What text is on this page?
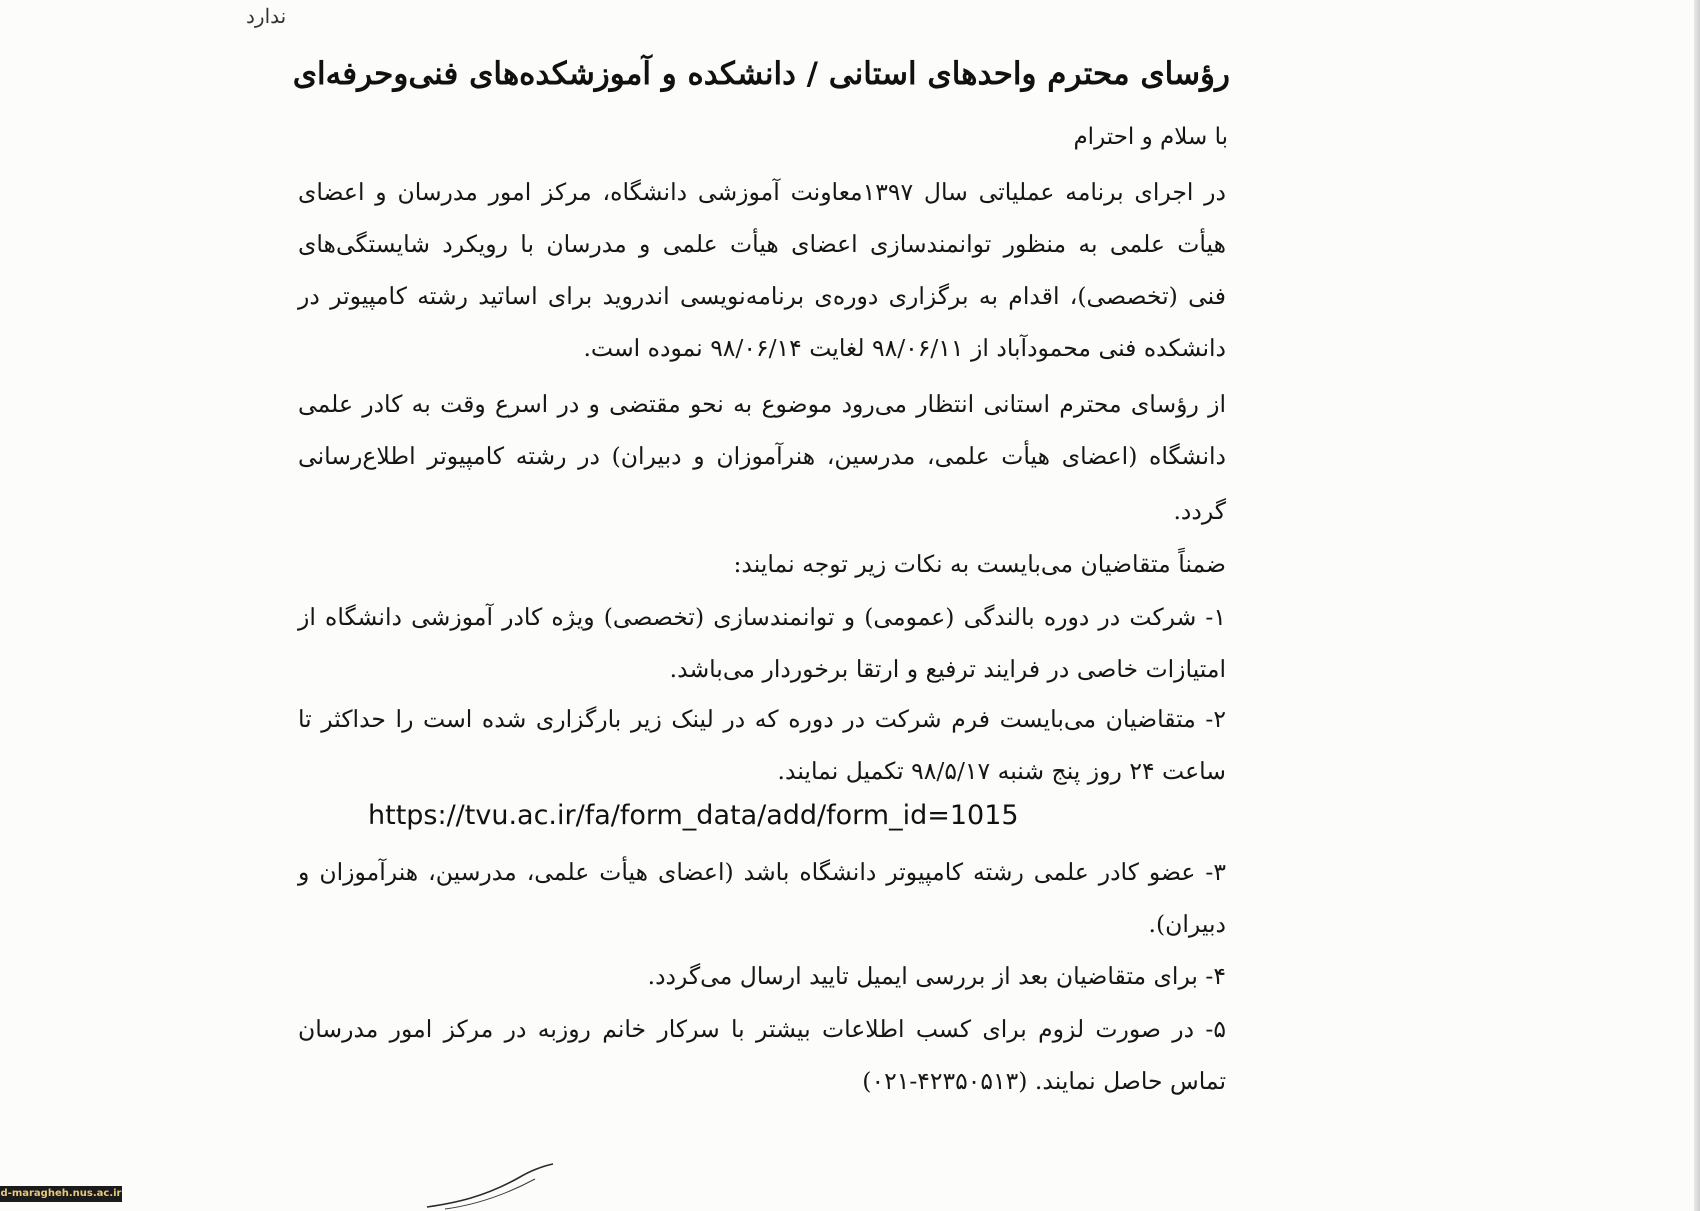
ندارد
رؤسای محترم واحدهای استانی / دانشکده و آموزشکده‌های فنی‌وحرفه‌ای
با سلام و احترام
در اجرای برنامه عملیاتی سال ۱۳۹۷معاونت آموزشی دانشگاه، مرکز امور مدرسان و اعضای
هیأت علمی به منظور توانمندسازی اعضای هیأت علمی و مدرسان با رویکرد شایستگی‌های
فنی (تخصصی)، اقدام به برگزاری دوره‌ی برنامه‌نویسی اندروید برای اساتید رشته کامپیوتر در
دانشکده فنی محمودآباد از ۹۸/۰۶/۱۱ لغایت ۹۸/۰۶/۱۴ نموده است.
از رؤسای محترم استانی انتظار می‌رود موضوع به نحو مقتضی و در اسرع وقت به کادر علمی
دانشگاه (اعضای هیأت علمی، مدرسین، هنرآموزان و دبیران) در رشته کامپیوتر اطلاع‌رسانی
گردد.
ضمناً متقاضیان می‌بایست به نکات زیر توجه نمایند:
۱- شرکت در دوره بالندگی (عمومی) و توانمندسازی (تخصصی) ویژه کادر آموزشی دانشگاه از
امتیازات خاصی در فرایند ترفیع و ارتقا برخوردار می‌باشد.
۲- متقاضیان می‌بایست فرم شرکت در دوره که در لینک زیر بارگزاری شده است را حداکثر تا
ساعت ۲۴ روز پنج شنبه ۹۸/۵/۱۷ تکمیل نمایند.
https://tvu.ac.ir/fa/form_data/add/form_id=1015
۳- عضو کادر علمی رشته کامپیوتر دانشگاه باشد (اعضای هیأت علمی، مدرسین، هنرآموزان و
دبیران).
۴- برای متقاضیان بعد از بررسی ایمیل تایید ارسال می‌گردد.
۵- در صورت لزوم برای کسب اطلاعات بیشتر با سرکار خانم روزبه در مرکز امور مدرسان
تماس حاصل نمایند. (۴۲۳۵۰۵۱۳-۰۲۱)
d-maragheh.nus.ac.ir
